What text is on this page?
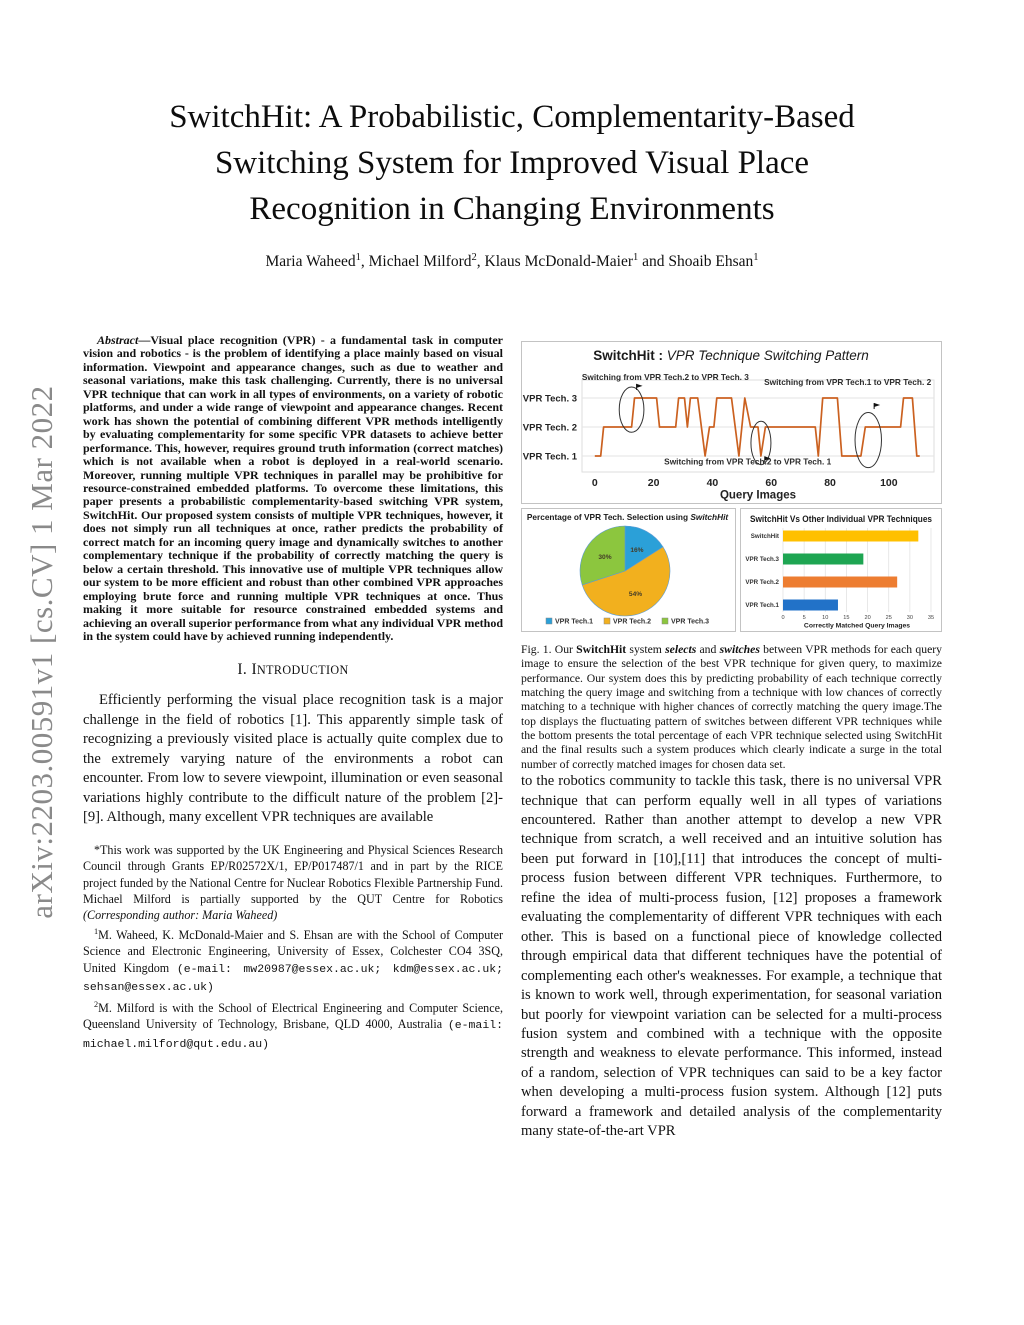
arXiv:2203.00591v1 [cs.CV] 1 Mar 2022
SwitchHit: A Probabilistic, Complementarity-Based
Switching System for Improved Visual Place
Recognition in Changing Environments
Maria Waheed$^1$, Michael Milford$^2$, Klaus McDonald-Maier$^1$ and Shoaib Ehsan$^1$
Abstract—Visual place recognition (VPR) - a fundamental task in computer vision and robotics - is the problem of identifying a place mainly based on visual information. Viewpoint and appearance changes, such as due to weather and seasonal variations, make this task challenging. Currently, there is no universal VPR technique that can work in all types of environments, on a variety of robotic platforms, and under a wide range of viewpoint and appearance changes. Recent work has shown the potential of combining different VPR methods intelligently by evaluating complementarity for some specific VPR datasets to achieve better performance. This, however, requires ground truth information (correct matches) which is not available when a robot is deployed in a real-world scenario. Moreover, running multiple VPR techniques in parallel may be prohibitive for resource-constrained embedded platforms. To overcome these limitations, this paper presents a probabilistic complementarity-based switching VPR system, SwitchHit. Our proposed system consists of multiple VPR techniques, however, it does not simply run all techniques at once, rather predicts the probability of correct match for an incoming query image and dynamically switches to another complementary technique if the probability of correctly matching the query is below a certain threshold. This innovative use of multiple VPR techniques allow our system to be more efficient and robust than other combined VPR approaches employing brute force and running multiple VPR techniques at once. Thus making it more suitable for resource constrained embedded systems and achieving an overall superior performance from what any individual VPR method in the system could have by achieved running independently.
I. INTRODUCTION
Efficiently performing the visual place recognition task is a major challenge in the field of robotics [1]. This apparently simple task of recognizing a previously visited place is actually quite complex due to the extremely varying nature of the environments a robot can encounter. From low to severe viewpoint, illumination or even seasonal variations highly contribute to the difficult nature of the problem [2]-[9]. Although, many excellent VPR techniques are available
*This work was supported by the UK Engineering and Physical Sciences Research Council through Grants EP/R02572X/1, EP/P017487/1 and in part by the RICE project funded by the National Centre for Nuclear Robotics Flexible Partnership Fund. Michael Milford is partially supported by the QUT Centre for Robotics (Corresponding author: Maria Waheed)
$^1$M. Waheed, K. McDonald-Maier and S. Ehsan are with the School of Computer Science and Electronic Engineering, University of Essex, Colchester CO4 3SQ, United Kingdom (e-mail: mw20987@essex.ac.uk; kdm@essex.ac.uk; sehsan@essex.ac.uk)
$^2$M. Milford is with the School of Electrical Engineering and Computer Science, Queensland University of Technology, Brisbane, QLD 4000, Australia (e-mail: michael.milford@qut.edu.au)
SwitchHit : VPR Technique Switching Pattern
VPR Tech. 1
VPR Tech. 2
VPR Tech. 3
0	20	40	60	80	100
Query Images
Switching from VPR Tech.2 to VPR Tech. 3 Switching from VPR Tech.1 to VPR Tech. 2
Switching from VPR Tech.2 to VPR Tech. 1
Percentage of VPR Tech. Selection using SwitchHit
16%
54%
30%
VPR Tech.1	VPR Tech.2	VPR Tech.3
SwitchHit Vs Other Individual VPR Techniques
0	5	10	15	20	25	30	35
SwitchHit
VPR Tech.3
VPR Tech.2
VPR Tech.1
Correctly Matched Query Images
Fig. 1. Our SwitchHit system selects and switches between VPR methods for each query image to ensure the selection of the best VPR technique for given query, to maximize performance. Our system does this by predicting probability of each technique correctly matching the query image and switching from a technique with low chances of correctly matching to a technique with higher chances of correctly matching the query image.The top displays the fluctuating pattern of switches between different VPR techniques while the bottom presents the total percentage of each VPR technique selected using SwitchHit and the final results such a system produces which clearly indicate a surge in the total number of correctly matched images for chosen data set.
to the robotics community to tackle this task, there is no universal VPR technique that can perform equally well in all types of variations encountered. Rather than another attempt to develop a new VPR technique from scratch, a well received and an intuitive solution has been put forward in [10],[11] that introduces the concept of multi-process fusion between different VPR techniques. Furthermore, to refine the idea of multi-process fusion, [12] proposes a framework evaluating the complementarity of different VPR techniques with each other. This is based on a functional piece of knowledge collected through empirical data that different techniques have the potential of complementing each other's weaknesses. For example, a technique that is known to work well, through experimentation, for seasonal variation but poorly for viewpoint variation can be selected for a multi-process fusion system and combined with a technique with the opposite strength and weakness to elevate performance. This informed, instead of a random, selection of VPR techniques can said to be a key factor when developing a multi-process fusion system. Although [12] puts forward a framework and detailed analysis of the complementarity many state-of-the-art VPR
